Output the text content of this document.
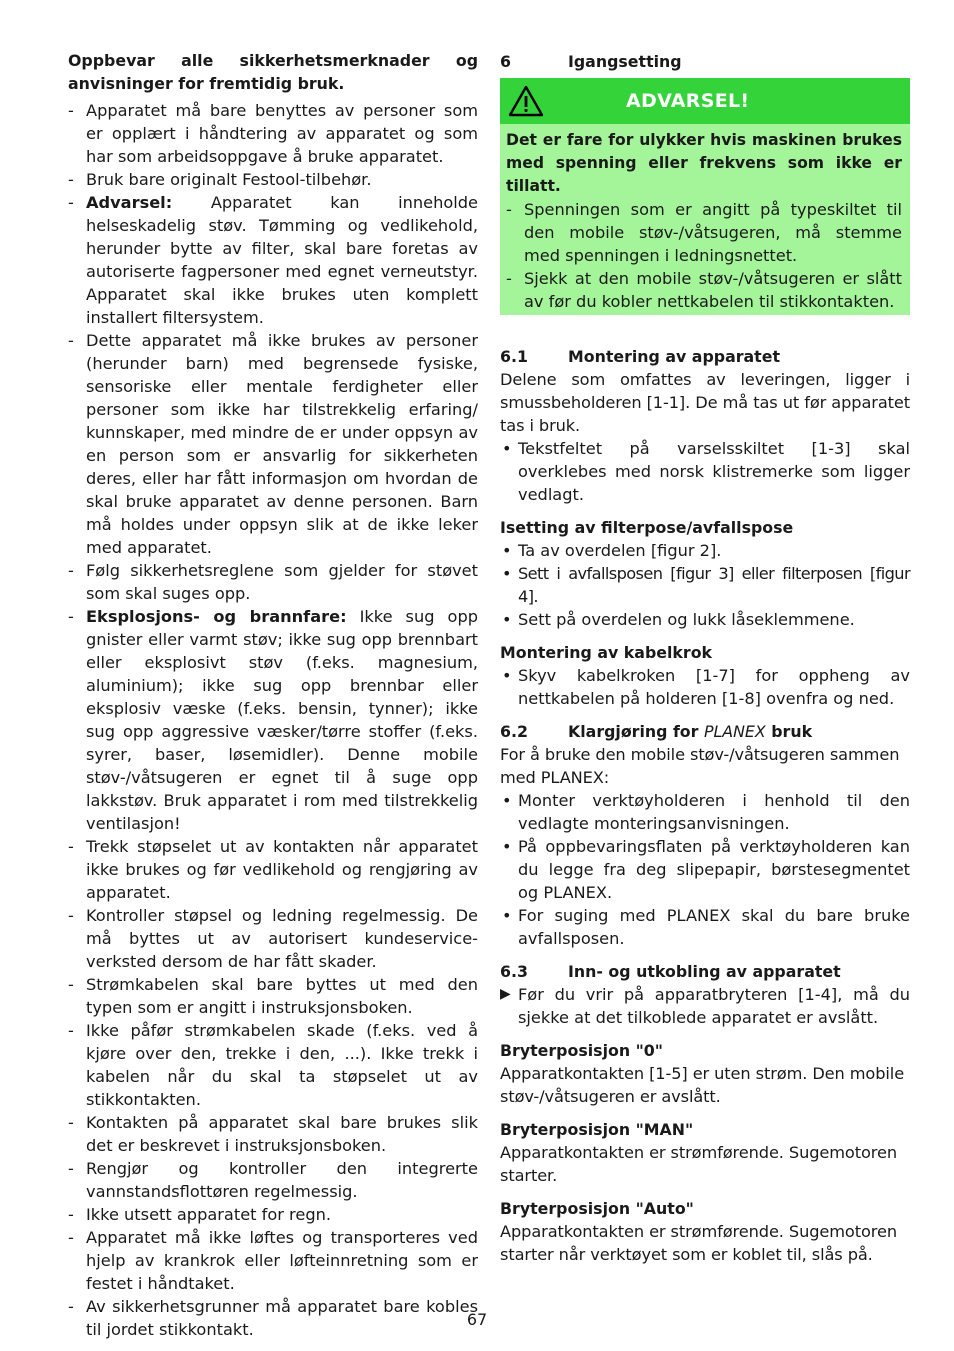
Oppbevar alle sikkerhetsmerknader og anvisninger for fremtidig bruk.

- Apparatet må bare benyttes av personer som er opplært i håndtering av apparatet og som har som arbeidsoppgave å bruke apparatet.
- Bruk bare originalt Festool-tilbehør.
- Advarsel: Apparatet kan inneholde helseskadelig støv. Tømming og vedlikehold, herunder bytte av filter, skal bare foretas av autoriserte fagpersoner med egnet verneutstyr. Apparatet skal ikke brukes uten komplett installert filtersystem.
- Dette apparatet må ikke brukes av personer (herunder barn) med begrensede fysiske, sensoriske eller mentale ferdigheter eller personer som ikke har tilstrekkelig erfaring/ kunnskaper, med mindre de er under oppsyn av en person som er ansvarlig for sikkerheten deres, eller har fått informasjon om hvordan de skal bruke apparatet av denne personen. Barn må holdes under oppsyn slik at de ikke leker med apparatet.
- Følg sikkerhetsreglene som gjelder for støvet som skal suges opp.
- Eksplosjons- og brannfare: Ikke sug opp gnister eller varmt støv; ikke sug opp brennbart eller eksplosivt støv (f.eks. magnesium, aluminium); ikke sug opp brennbar eller eksplosiv væske (f.eks. bensin, tynner); ikke sug opp aggressive væsker/tørre stoffer (f.eks. syrer, baser, løsemidler). Denne mobile støv-/våtsugeren er egnet til å suge opp lakkstøv. Bruk apparatet i rom med tilstrekkelig ventilasjon!
- Trekk støpselet ut av kontakten når apparatet ikke brukes og før vedlikehold og rengjøring av apparatet.
- Kontroller støpsel og ledning regelmessig. De må byttes ut av autorisert kundeservice-verksted dersom de har fått skader.
- Strømkabelen skal bare byttes ut med den typen som er angitt i instruksjonsboken.
- Ikke påfør strømkabelen skade (f.eks. ved å kjøre over den, trekke i den, ...). Ikke trekk i kabelen når du skal ta støpselet ut av stikkontakten.
- Kontakten på apparatet skal bare brukes slik det er beskrevet i instruksjonsboken.
- Rengjør og kontroller den integrerte vannstandsflottøren regelmessig.
- Ikke utsett apparatet for regn.
- Apparatet må ikke løftes og transporteres ved hjelp av krankrok eller løfteinnretning som er festet i håndtaket.
- Av sikkerhetsgrunner må apparatet bare kobles til jordet stikkontakt.
6	Igangsetting
ADVARSEL!

Det er fare for ulykker hvis maskinen brukes med spenning eller frekvens som ikke er tillatt.

- Spenningen som er angitt på typeskiltet til den mobile støv-/våtsugeren, må stemme med spenningen i ledningsnettet.
- Sjekk at den mobile støv-/våtsugeren er slått av før du kobler nettkabelen til stikkontakten.
6.1	Montering av apparatet

Delene som omfattes av leveringen, ligger i smussbeholderen [1-1]. De må tas ut før apparatet tas i bruk.

• Tekstfeltet på varselsskiltet [1-3] skal overklebes med norsk klistremerke som ligger vedlagt.
Isetting av filterpose/avfallspose
• Ta av overdelen [figur 2].
• Sett i avfallsposen [figur 3] eller filterposen [figur 4].
• Sett på overdelen og lukk låseklemmene.
Montering av kabelkrok
• Skyv kabelkroken [1-7] for oppheng av nettkabelen på holderen [1-8] ovenfra og ned.
6.2	Klargjøring for PLANEX bruk

For å bruke den mobile støv-/våtsugeren sammen med PLANEX:

• Monter verktøyholderen i henhold til den vedlagte monteringsanvisningen.
• På oppbevaringsflaten på verktøyholderen kan du legge fra deg slipepapir, børstesegmentet og PLANEX.
• For suging med PLANEX skal du bare bruke avfallsposen.
6.3	Inn- og utkobling av apparatet
▶ Før du vrir på apparatbryteren [1-4], må du sjekke at det tilkoblede apparatet er avslått.
Bryterposisjon "0"

Apparatkontakten [1-5] er uten strøm. Den mobile støv-/våtsugeren er avslått.

Bryterposisjon "MAN"

Apparatkontakten er strømførende. Sugemotoren starter.

Bryterposisjon "Auto"

Apparatkontakten er strømførende. Sugemotoren starter når verktøyet som er koblet til, slås på.

67
